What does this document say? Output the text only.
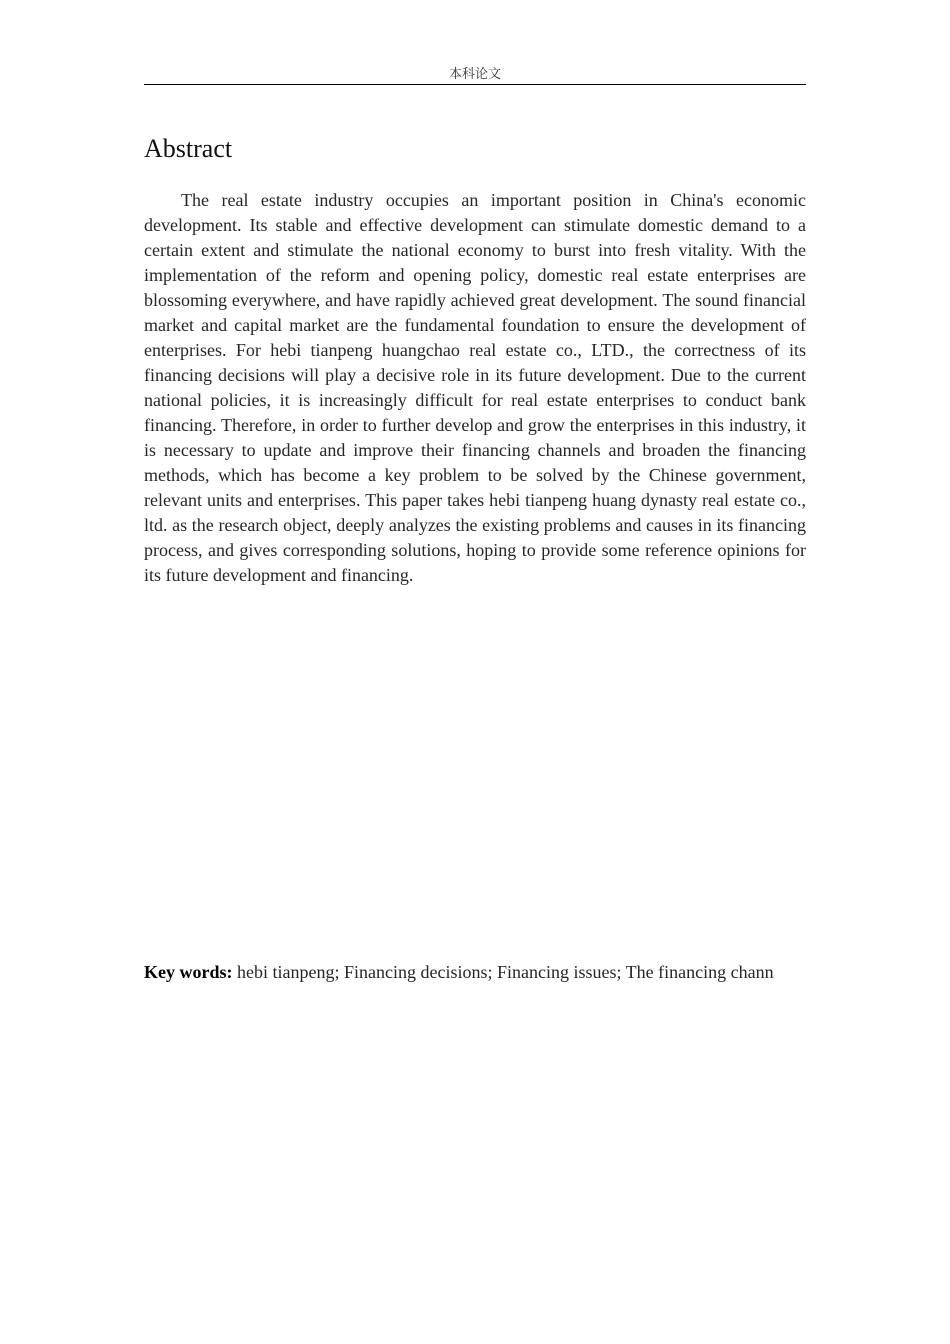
本科论文
Abstract

The real estate industry occupies an important position in China's economic development. Its stable and effective development can stimulate domestic demand to a certain extent and stimulate the national economy to burst into fresh vitality. With the implementation of the reform and opening policy, domestic real estate enterprises are blossoming everywhere, and have rapidly achieved great development. The sound financial market and capital market are the fundamental foundation to ensure the development of enterprises. For hebi tianpeng huangchao real estate co., LTD., the correctness of its financing decisions will play a decisive role in its future development. Due to the current national policies, it is increasingly difficult for real estate enterprises to conduct bank financing. Therefore, in order to further develop and grow the enterprises in this industry, it is necessary to update and improve their financing channels and broaden the financing methods, which has become a key problem to be solved by the Chinese government, relevant units and enterprises. This paper takes hebi tianpeng huang dynasty real estate co., ltd. as the research object, deeply analyzes the existing problems and causes in its financing process, and gives corresponding solutions, hoping to provide some reference opinions for its future development and financing.

Key words: hebi tianpeng; Financing decisions; Financing issues; The financing chann
